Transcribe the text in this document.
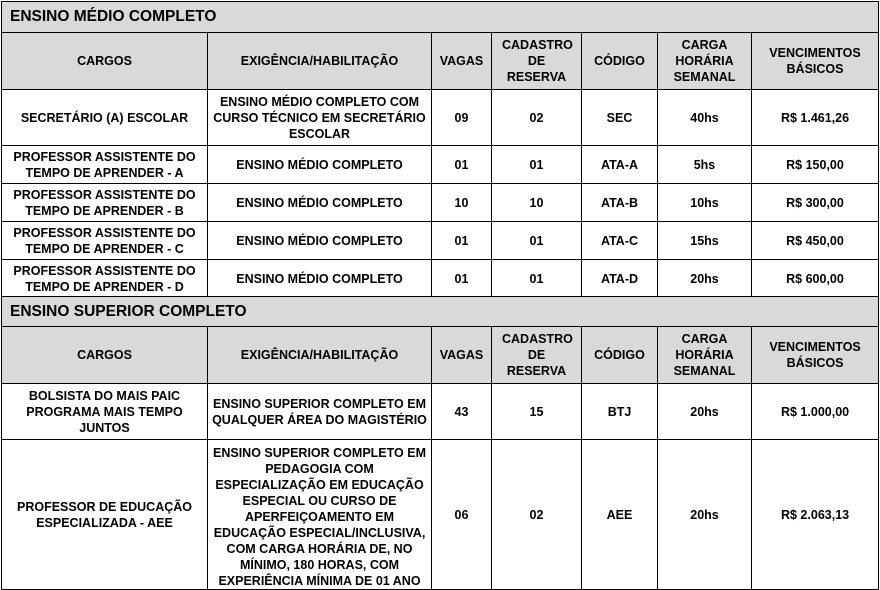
ENSINO MÉDIO COMPLETO						
CARGOS	EXIGÊNCIA/HABILITAÇÃO	VAGAS	CADASTRO DE RESERVA	CÓDIGO	CARGA HORÁRIA SEMANAL	VENCIMENTOS BÁSICOS
SECRETÁRIO (A) ESCOLAR	ENSINO MÉDIO COMPLETO COM CURSO TÉCNICO EM SECRETÁRIO ESCOLAR	09	02	SEC	40hs	R$ 1.461,26
PROFESSOR ASSISTENTE DO TEMPO DE APRENDER - A	ENSINO MÉDIO COMPLETO	01	01	ATA-A	5hs	R$ 150,00
PROFESSOR ASSISTENTE DO TEMPO DE APRENDER - B	ENSINO MÉDIO COMPLETO	10	10	ATA-B	10hs	R$ 300,00
PROFESSOR ASSISTENTE DO TEMPO DE APRENDER - C	ENSINO MÉDIO COMPLETO	01	01	ATA-C	15hs	R$ 450,00
PROFESSOR ASSISTENTE DO TEMPO DE APRENDER - D	ENSINO MÉDIO COMPLETO	01	01	ATA-D	20hs	R$ 600,00
ENSINO SUPERIOR COMPLETO						
CARGOS	EXIGÊNCIA/HABILITAÇÃO	VAGAS	CADASTRO DE RESERVA	CÓDIGO	CARGA HORÁRIA SEMANAL	VENCIMENTOS BÁSICOS
BOLSISTA DO MAIS PAIC PROGRAMA MAIS TEMPO JUNTOS	ENSINO SUPERIOR COMPLETO EM QUALQUER ÁREA DO MAGISTÉRIO	43	15	BTJ	20hs	R$ 1.000,00
PROFESSOR DE EDUCAÇÃO ESPECIALIZADA - AEE	ENSINO SUPERIOR COMPLETO EM PEDAGOGIA COM ESPECIALIZAÇÃO EM EDUCAÇÃO ESPECIAL OU CURSO DE APERFEIÇOAMENTO EM EDUCAÇÃO ESPECIAL/INCLUSIVA, COM CARGA HORÁRIA DE, NO MÍNIMO, 180 HORAS, COM EXPERIÊNCIA MÍNIMA DE 01 ANO	06	02	AEE	20hs	R$ 2.063,13
